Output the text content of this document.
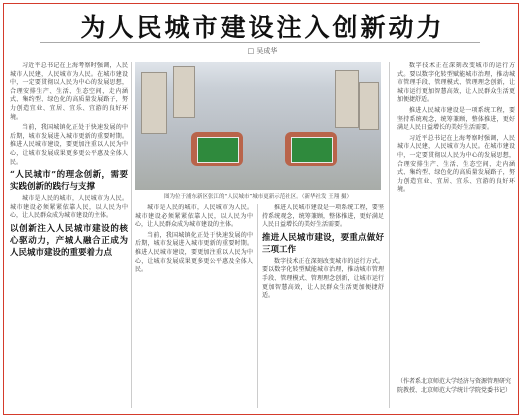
为人民城市建设注入创新动力
□ 吴成华

习近平总书记在上海考察时强调，人民城市人民建，人民城市为人民。在城市建设中，一定要贯彻以人民为中心的发展思想，合理安排生产、生活、生态空间，走内涵式、集约型、绿色化的高质量发展路子，努力创造宜业、宜居、宜乐、宜游的良好环境。

当前，我国城镇化正处于快速发展的中后期，城市发展进入城市更新的重要时期。推进人民城市建设，要更加注重以人民为中心，让城市发展成果更多更公平惠及全体人民。

“人民城市”的理念创新，需要实践创新的践行与支撑

城市是人民的城市，人民城市为人民。城市建设必须紧紧依靠人民，以人民为中心，让人民群众成为城市建设的主体。

以创新注入人民城市建设的核心驱动力，产城人融合正成为人民城市建设的重要着力点

图为位于浦东新区张江的“人民城市”城市更新示范社区。（新华社发 王翔 摄）

城市是人民的城市，人民城市为人民。城市建设必须紧紧依靠人民，以人民为中心，让人民群众成为城市建设的主体。

当前，我国城镇化正处于快速发展的中后期，城市发展进入城市更新的重要时期。推进人民城市建设，要更加注重以人民为中心，让城市发展成果更多更公平惠及全体人民。

推进人民城市建设是一项系统工程，要坚持系统观念，统筹兼顾，整体推进，更好满足人民日益增长的美好生活需要。

推进人民城市建设，要重点做好三项工作

数字技术正在深刻改变城市的运行方式。要以数字化转型赋能城市治理，推动城市管理手段、管理模式、管理理念创新，让城市运行更加智慧高效，让人民群众生活更加便捷舒适。

数字技术正在深刻改变城市的运行方式。要以数字化转型赋能城市治理，推动城市管理手段、管理模式、管理理念创新，让城市运行更加智慧高效，让人民群众生活更加便捷舒适。

推进人民城市建设是一项系统工程，要坚持系统观念，统筹兼顾，整体推进，更好满足人民日益增长的美好生活需要。

习近平总书记在上海考察时强调，人民城市人民建，人民城市为人民。在城市建设中，一定要贯彻以人民为中心的发展思想，合理安排生产、生活、生态空间，走内涵式、集约型、绿色化的高质量发展路子，努力创造宜业、宜居、宜乐、宜游的良好环境。

（作者系北京师范大学经济与资源管理研究院教授、北京师范大学统计学院党委书记）
